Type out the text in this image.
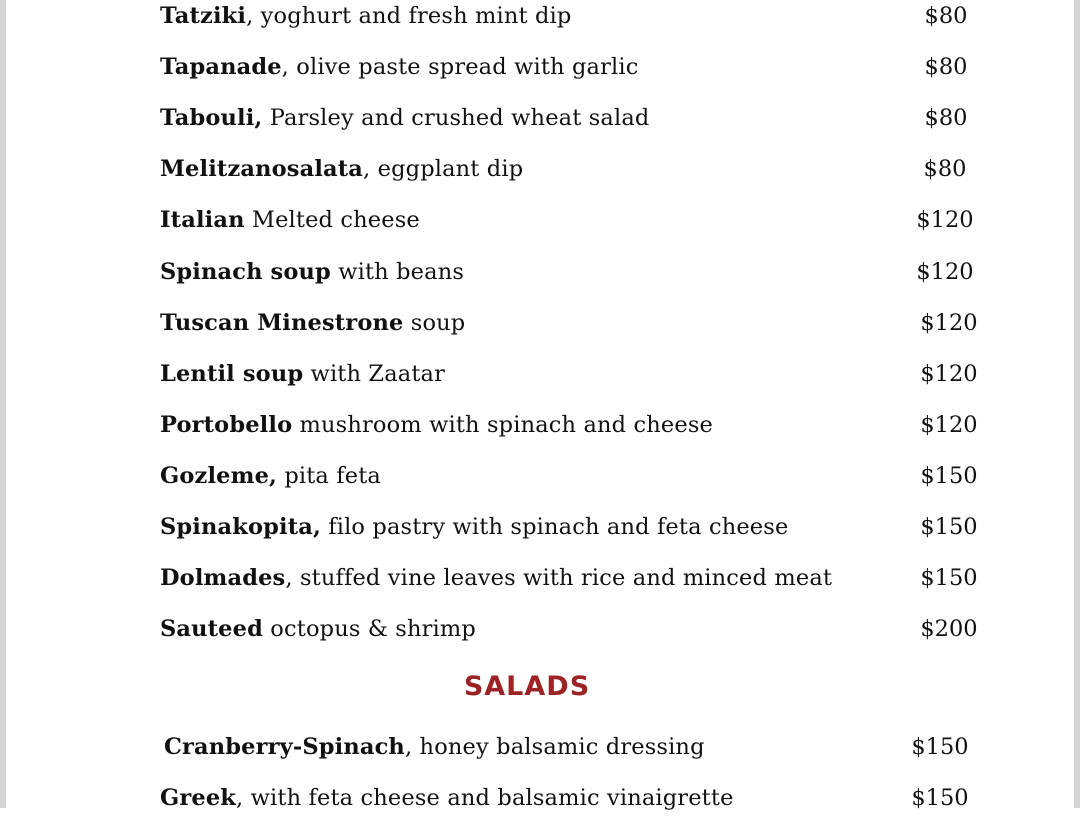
Tatziki, yoghurt and fresh mint dip	$80
Tapanade, olive paste spread with garlic	$80
Tabouli, Parsley and crushed wheat salad	$80
Melitzanosalata, eggplant dip	$80
Italian Melted cheese	$120
Spinach soup with beans	$120
Tuscan Minestrone soup	$120
Lentil soup with Zaatar	$120
Portobello mushroom with spinach and cheese	$120
Gozleme, pita feta	$150
Spinakopita, filo pastry with spinach and feta cheese	$150
Dolmades, stuffed vine leaves with rice and minced meat	$150
Sauteed octopus & shrimp	$200
SALADS
Cranberry-Spinach, honey balsamic dressing	$150
Greek, with feta cheese and balsamic vinaigrette	$150
